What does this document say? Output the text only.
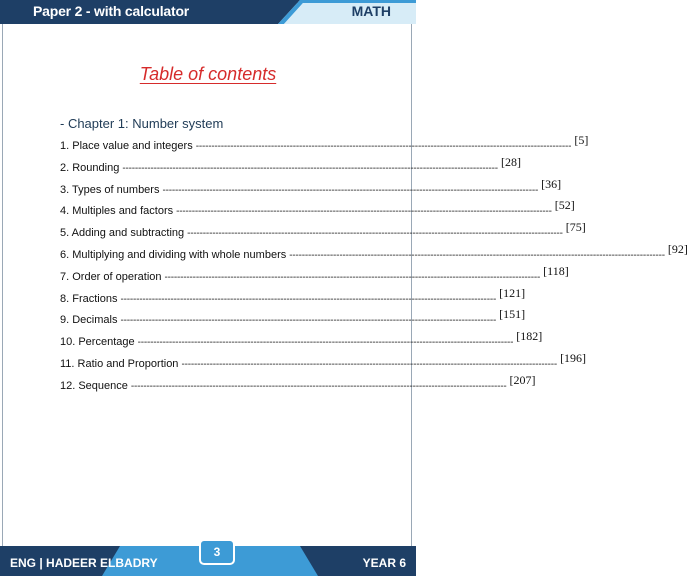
Paper 2 - with calculator	MATH
Table of contents
- Chapter 1: Number system
1. Place value and integers ------------------------------------------------------------------------------------------------------------------------ [5]
2. Rounding ------------------------------------------------------------------------------------------------------------------------ [28]
3. Types of numbers ------------------------------------------------------------------------------------------------------------------------ [36]
4. Multiples and factors ------------------------------------------------------------------------------------------------------------------------ [52]
5. Adding and subtracting ------------------------------------------------------------------------------------------------------------------------ [75]
6. Multiplying and dividing with whole numbers ------------------------------------------------------------------------------------------------------------------------ [92]
7. Order of operation ------------------------------------------------------------------------------------------------------------------------ [118]
8. Fractions ------------------------------------------------------------------------------------------------------------------------ [121]
9. Decimals ------------------------------------------------------------------------------------------------------------------------ [151]
10. Percentage ------------------------------------------------------------------------------------------------------------------------ [182]
11. Ratio and Proportion ------------------------------------------------------------------------------------------------------------------------ [196]
12. Sequence ------------------------------------------------------------------------------------------------------------------------ [207]
ENG | HADEER ELBADRY	YEAR 6
3
